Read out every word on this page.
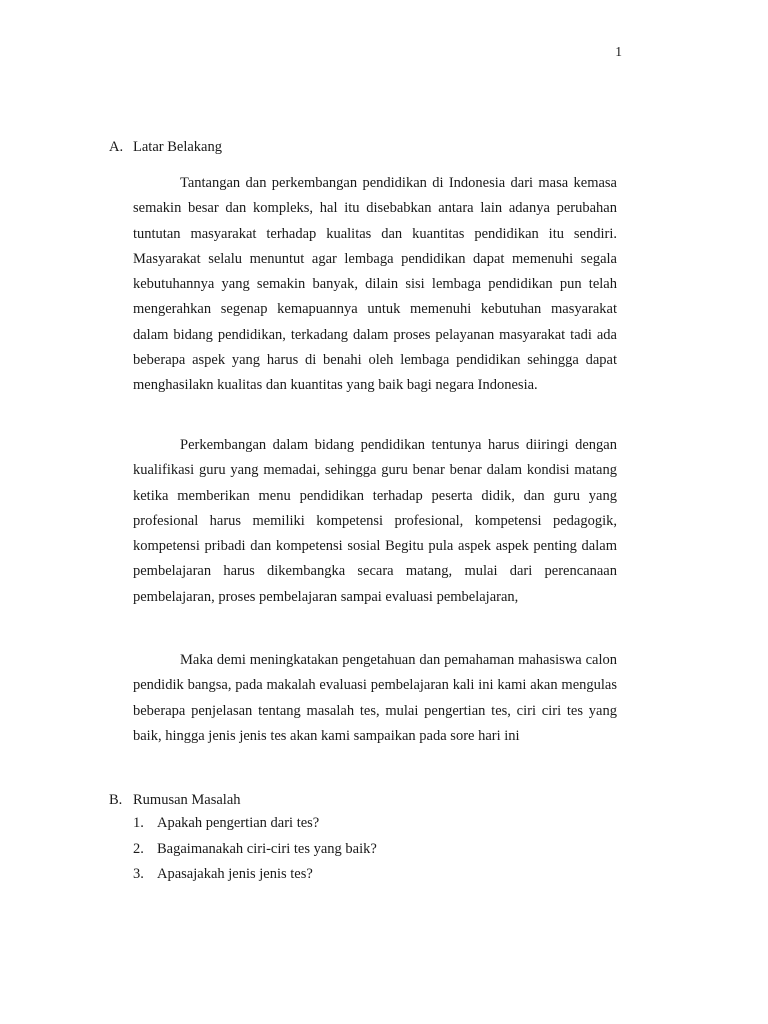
1
A. Latar Belakang

Tantangan dan perkembangan pendidikan di Indonesia dari masa kemasa semakin besar dan kompleks, hal itu disebabkan antara lain adanya perubahan tuntutan masyarakat terhadap kualitas dan kuantitas pendidikan itu sendiri. Masyarakat selalu menuntut agar lembaga pendidikan dapat memenuhi segala kebutuhannya yang semakin banyak, dilain sisi lembaga pendidikan pun telah mengerahkan segenap kemapuannya untuk memenuhi kebutuhan masyarakat dalam bidang pendidikan, terkadang dalam proses pelayanan masyarakat tadi ada beberapa aspek yang harus di benahi oleh lembaga pendidikan sehingga dapat menghasilakn kualitas dan kuantitas yang baik bagi negara Indonesia.

Perkembangan dalam bidang pendidikan tentunya harus diiringi dengan kualifikasi guru yang memadai, sehingga guru benar benar dalam kondisi matang ketika memberikan menu pendidikan terhadap peserta didik, dan guru yang profesional harus memiliki kompetensi profesional, kompetensi pedagogik, kompetensi pribadi dan kompetensi sosial Begitu pula aspek aspek penting dalam pembelajaran harus dikembangka secara matang, mulai dari perencanaan pembelajaran, proses pembelajaran sampai evaluasi pembelajaran,

Maka demi meningkatakan pengetahuan dan pemahaman mahasiswa calon pendidik bangsa, pada makalah evaluasi pembelajaran kali ini kami akan mengulas beberapa penjelasan tentang masalah tes, mulai pengertian tes, ciri ciri tes yang baik, hingga jenis jenis tes akan kami sampaikan pada sore hari ini

B. Rumusan Masalah
1. Apakah pengertian dari tes?
2. Bagaimanakah ciri-ciri tes yang baik?
3. Apasajakah jenis jenis tes?
